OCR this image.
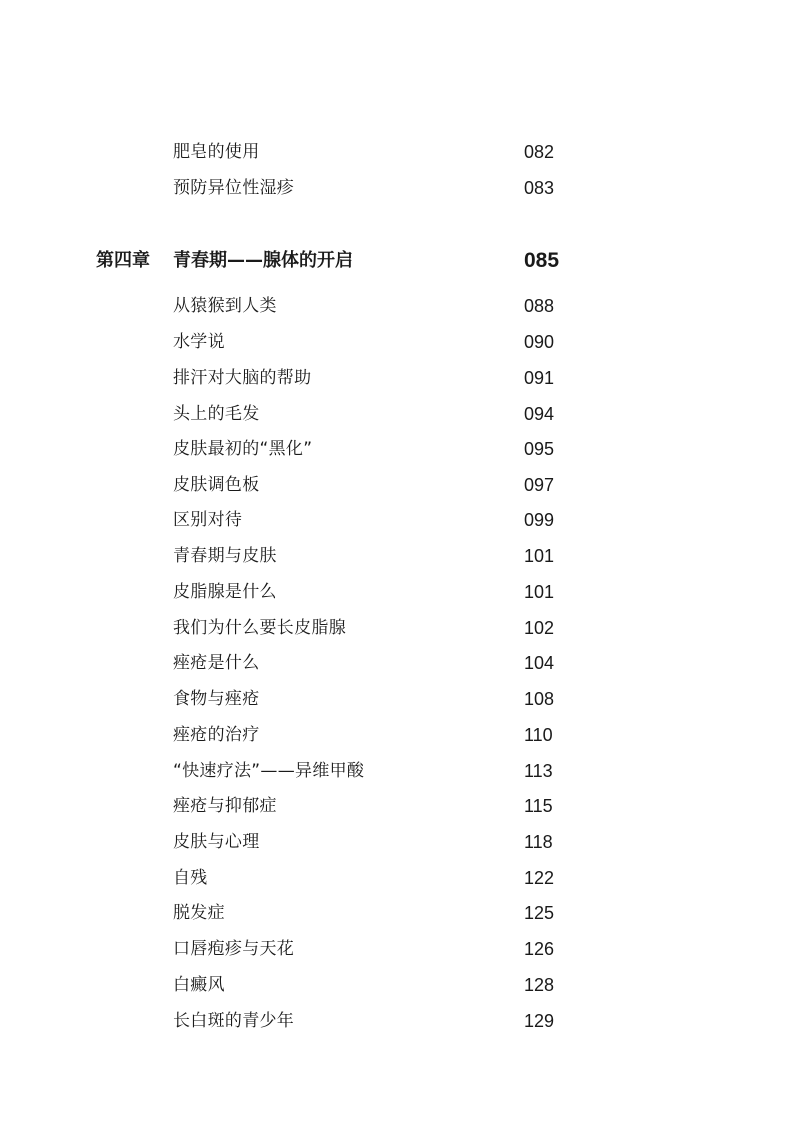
肥皂的使用	082
预防异位性湿疹	083
第四章 青春期——腺体的开启	085
从猿猴到人类	088
水学说	090
排汗对大脑的帮助	091
头上的毛发	094
皮肤最初的“黑化”	095
皮肤调色板	097
区别对待	099
青春期与皮肤	101
皮脂腺是什么	101
我们为什么要长皮脂腺	102
痤疮是什么	104
食物与痤疮	108
痤疮的治疗	110
“快速疗法”——异维甲酸	113
痤疮与抑郁症	115
皮肤与心理	118
自残	122
脱发症	125
口唇疱疹与天花	126
白癜风	128
长白斑的青少年	129
